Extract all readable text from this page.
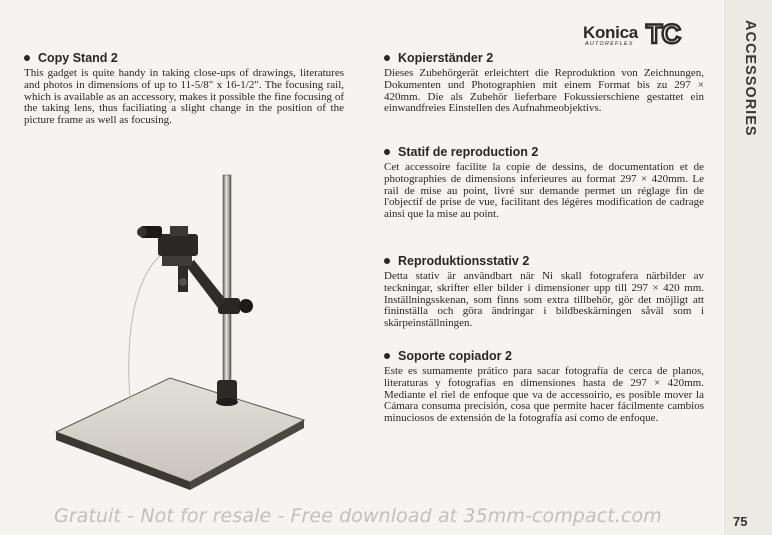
ACCESSORIES
Konica
AUTOREFLEX TC
Copy Stand 2

This gadget is quite handy in taking close-ups of drawings, literatures and photos in dimensions of up to 11-5/8" x 16-1/2". The focusing rail, which is available as an accessory, makes it possible the fine focusing of the taking lens, thus faciliating a slight change in the position of the picture frame as well as focusing.

Kopierständer 2

Dieses Zubehörgerät erleichtert die Reproduktion von Zeichnungen, Dokumenten und Photographien mit einem Format bis zu 297 × 420mm. Die als Zubehör lieferbare Fokussierschiene gestattet ein einwandfreies Einstellen des Aufnahmeobjektivs.

Statif de reproduction 2

Cet accessoire facilite la copie de dessins, de documentation et de photographies de dimensions inferieures au format 297 × 420mm. Le rail de mise au point, livré sur demande permet un réglage fin de l'objectif de prise de vue, facilitant des légères modification de cadrage ainsi que la mise au point.

Reproduktionsstativ 2

Detta stativ är användbart när Ni skall fotografera närbilder av teckningar, skrifter eller bilder i dimensioner upp till 297 × 420 mm. Inställningsskenan, som finns som extra tillbehör, gör det möjligt att fininställa och göra ändringar i bildbeskärningen såväl som i skärpeinställningen.

Soporte copiador 2

Este es sumamente prático para sacar fotografía de cerca de planos, literaturas y fotografías en dimensiones hasta de 297 × 420mm. Mediante el riel de enfoque que va de accessoirio, es posible mover la Cámara consuma precisión, cosa que permite hacer fácilmente cambios minuciosos de extensión de la fotografía así como de enfoque.

Gratuit - Not for resale - Free download at 35mm-compact.com	75
